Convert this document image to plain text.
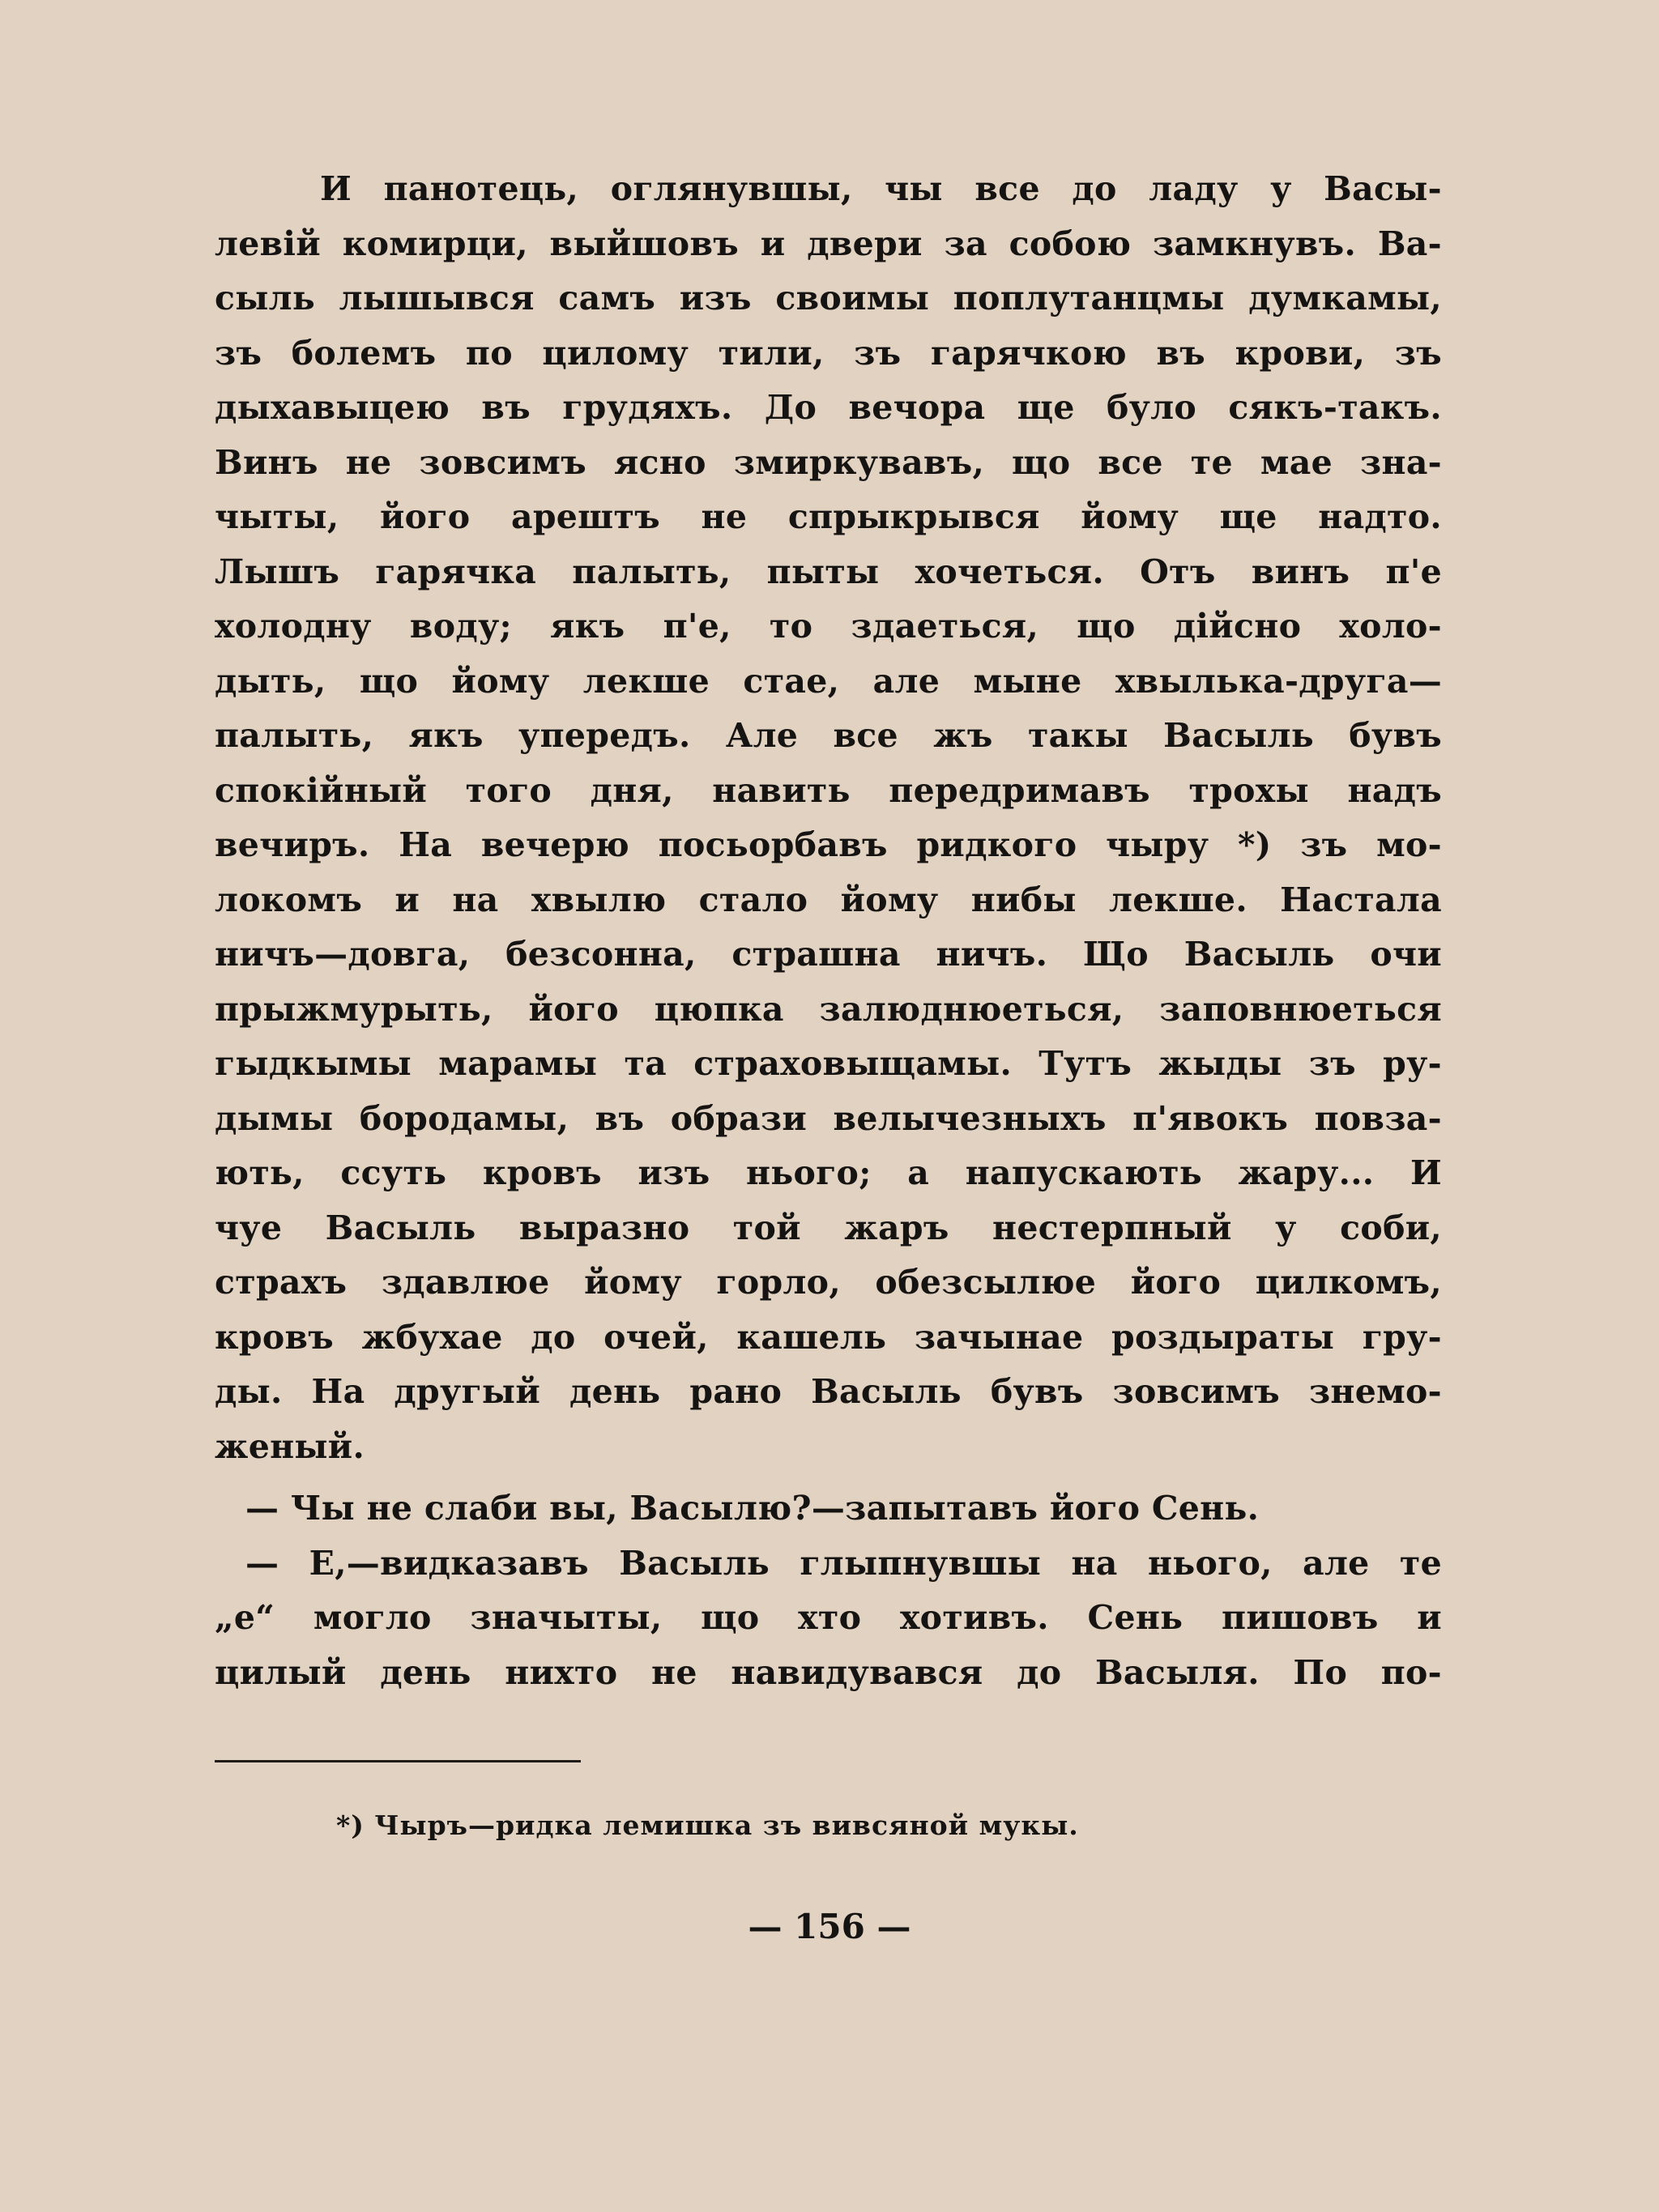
И панотець, оглянувшы, чы все до ладу у Васы-
левій комирци, выйшовъ и двери за собою замкнувъ. Ва-
сыль лышывся самъ изъ своимы поплутанцмы думкамы,
зъ болемъ по цилому тили, зъ гарячкою въ крови, зъ
дыхавыцею въ грудяхъ. До вечора ще було сякъ-такъ.
Винъ не зовсимъ ясно змиркувавъ, що все те мае зна-
чыты, його арештъ не спрыкрывся йому ще надто.
Лышъ гарячка палыть, пыты хочеться. Отъ винъ п'е
холодну воду; якъ п'е, то здаеться, що дійсно холо-
дыть, що йому лекше стае, але мыне хвылька-друга—
палыть, якъ упередъ. Але все жъ такы Васыль бувъ
спокійный того дня, навить передримавъ трохы надъ
вечиръ. На вечерю посьорбавъ ридкого чыру *) зъ мо-
локомъ и на хвылю стало йому нибы лекше. Настала
ничъ—довга, безсонна, страшна ничъ. Що Васыль очи
прыжмурыть, його цюпка залюднюеться, заповнюеться
гыдкымы марамы та страховыщамы. Тутъ жыды зъ ру-
дымы бородамы, въ образи велычезныхъ п'явокъ повза-
ють, ссуть кровъ изъ нього; а напускають жару... И
чуе Васыль выразно той жаръ нестерпный у соби,
страхъ здавлюе йому горло, обезсылюе його цилкомъ,
кровъ жбухае до очей, кашель зачынае роздыраты гру-
ды. На другый день рано Васыль бувъ зовсимъ знемо-
женый.
— Чы не слаби вы, Васылю?—запытавъ його Сень.
— Е,—видказавъ Васыль глыпнувшы на нього, але те
„е“ могло значыты, що хто хотивъ. Сень пишовъ и
цилый день нихто не навидувався до Васыля. По по-
*) Чыръ—ридка лемишка зъ вивсяной мукы.
— 156 —
